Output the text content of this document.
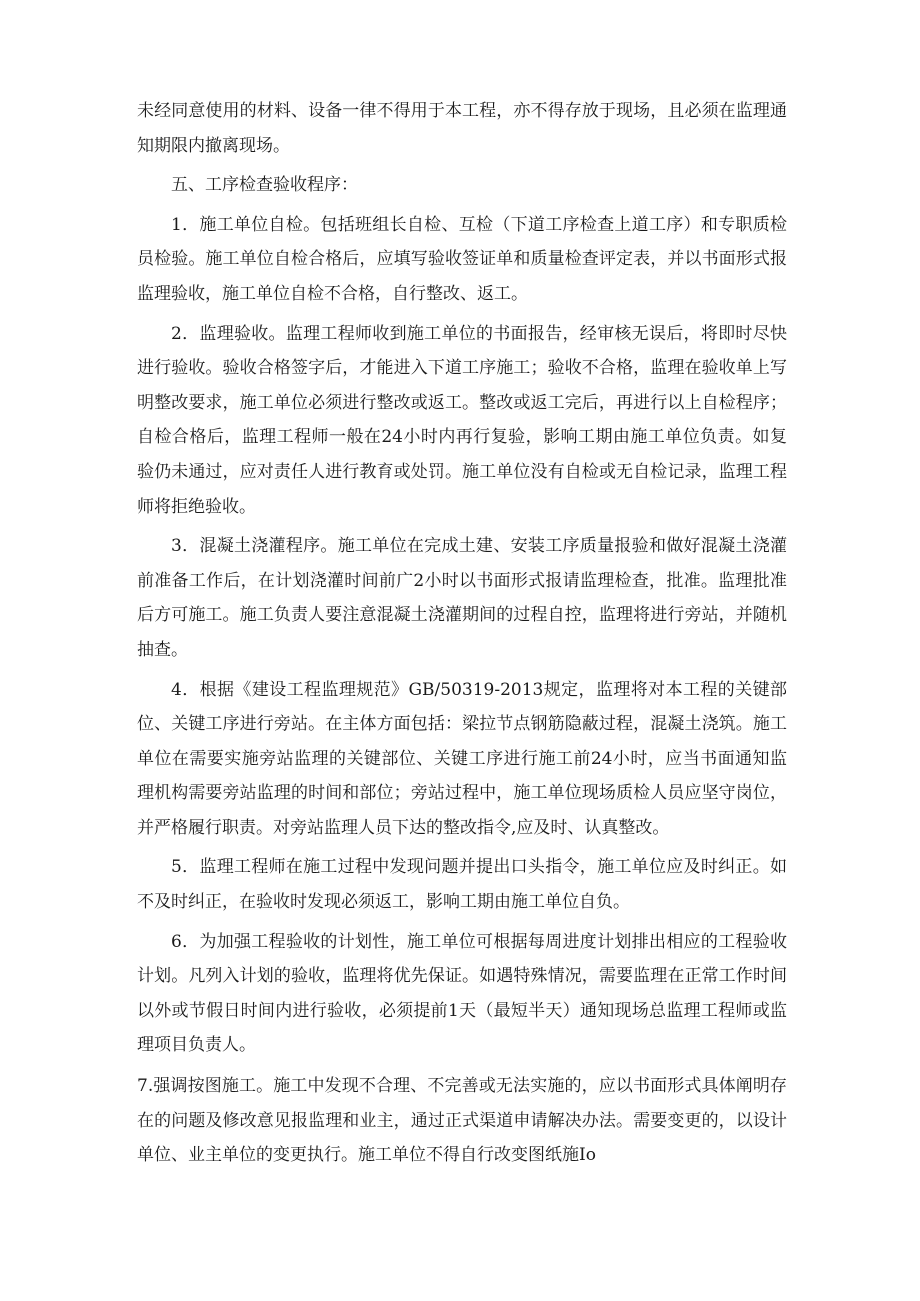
未经同意使用的材料、设备一律不得用于本工程，亦不得存放于现场，且必须在监理通知期限内撤离现场。

五、工序检查验收程序：

1．施工单位自检。包括班组长自检、互检（下道工序检查上道工序）和专职质检员检验。施工单位自检合格后，应填写验收签证单和质量检查评定表，并以书面形式报监理验收，施工单位自检不合格，自行整改、返工。

2．监理验收。监理工程师收到施工单位的书面报告，经审核无误后，将即时尽快进行验收。验收合格签字后，才能进入下道工序施工；验收不合格，监理在验收单上写明整改要求，施工单位必须进行整改或返工。整改或返工完后，再进行以上自检程序；自检合格后，监理工程师一般在24小时内再行复验，影响工期由施工单位负责。如复验仍未通过，应对责任人进行教育或处罚。施工单位没有自检或无自检记录，监理工程师将拒绝验收。

3．混凝土浇灌程序。施工单位在完成土建、安装工序质量报验和做好混凝土浇灌前准备工作后，在计划浇灌时间前广2小时以书面形式报请监理检查，批准。监理批准后方可施工。施工负责人要注意混凝土浇灌期间的过程自控，监理将进行旁站，并随机抽查。

4．根据《建设工程监理规范》GB/50319-2013规定，监理将对本工程的关键部位、关键工序进行旁站。在主体方面包括：梁拉节点钢筋隐蔽过程，混凝土浇筑。施工单位在需要实施旁站监理的关键部位、关键工序进行施工前24小时，应当书面通知监理机构需要旁站监理的时间和部位；旁站过程中，施工单位现场质检人员应坚守岗位，并严格履行职责。对旁站监理人员下达的整改指令,应及时、认真整改。

5．监理工程师在施工过程中发现问题并提出口头指令，施工单位应及时纠正。如不及时纠正，在验收时发现必须返工，影响工期由施工单位自负。

6．为加强工程验收的计划性，施工单位可根据每周进度计划排出相应的工程验收计划。凡列入计划的验收，监理将优先保证。如遇特殊情况，需要监理在正常工作时间以外或节假日时间内进行验收，必须提前1天（最短半天）通知现场总监理工程师或监理项目负责人。

7.强调按图施工。施工中发现不合理、不完善或无法实施的，应以书面形式具体阐明存在的问题及修改意见报监理和业主，通过正式渠道申请解决办法。需要变更的，以设计单位、业主单位的变更执行。施工单位不得自行改变图纸施Io
